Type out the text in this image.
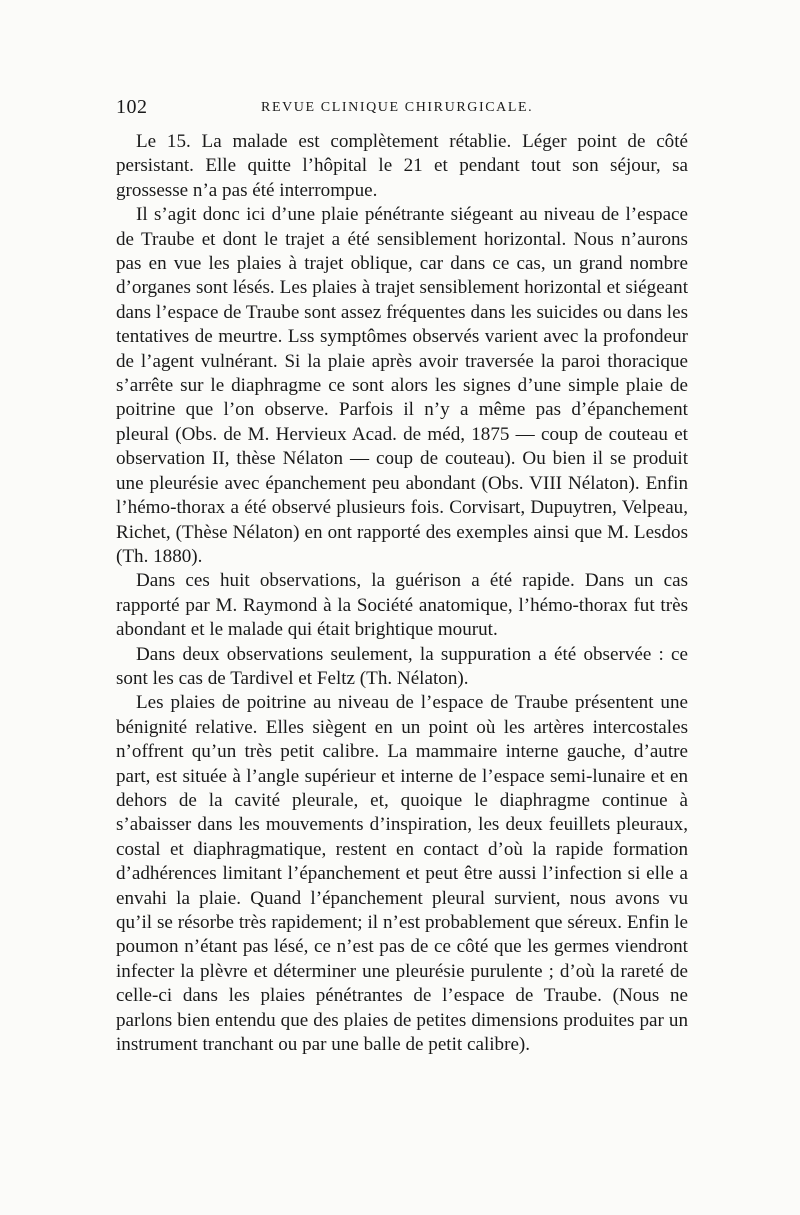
102	REVUE CLINIQUE CHIRURGICALE.

Le 15. La malade est complètement rétablie. Léger point de côté persistant. Elle quitte l’hôpital le 21 et pendant tout son séjour, sa grossesse n’a pas été interrompue.

Il s’agit donc ici d’une plaie pénétrante siégeant au niveau de l’espace de Traube et dont le trajet a été sensiblement horizontal. Nous n’aurons pas en vue les plaies à trajet oblique, car dans ce cas, un grand nombre d’organes sont lésés. Les plaies à trajet sensiblement horizontal et siégeant dans l’espace de Traube sont assez fréquentes dans les suicides ou dans les tentatives de meurtre. Lss symptômes observés varient avec la profondeur de l’agent vulnérant. Si la plaie après avoir traversée la paroi thoracique s’arrête sur le diaphragme ce sont alors les signes d’une simple plaie de poitrine que l’on observe. Parfois il n’y a même pas d’épanchement pleural (Obs. de M. Hervieux Acad. de méd, 1875 — coup de couteau et observation II, thèse Nélaton — coup de couteau). Ou bien il se produit une pleurésie avec épanchement peu abondant (Obs. VIII Nélaton). Enfin l’hémo-thorax a été observé plusieurs fois. Corvisart, Dupuytren, Velpeau, Richet, (Thèse Nélaton) en ont rapporté des exemples ainsi que M. Lesdos (Th. 1880).

Dans ces huit observations, la guérison a été rapide. Dans un cas rapporté par M. Raymond à la Société anatomique, l’hémo-thorax fut très abondant et le malade qui était brightique mourut.

Dans deux observations seulement, la suppuration a été observée : ce sont les cas de Tardivel et Feltz (Th. Nélaton).

Les plaies de poitrine au niveau de l’espace de Traube présentent une bénignité relative. Elles siègent en un point où les artères intercostales n’offrent qu’un très petit calibre. La mammaire interne gauche, d’autre part, est située à l’angle supérieur et interne de l’espace semi-lunaire et en dehors de la cavité pleurale, et, quoique le diaphragme continue à s’abaisser dans les mouvements d’inspiration, les deux feuillets pleuraux, costal et diaphragmatique, restent en contact d’où la rapide formation d’adhérences limitant l’épanchement et peut être aussi l’infection si elle a envahi la plaie. Quand l’épanchement pleural survient, nous avons vu qu’il se résorbe très rapidement; il n’est probablement que séreux. Enfin le poumon n’étant pas lésé, ce n’est pas de ce côté que les germes viendront infecter la plèvre et déterminer une pleurésie purulente ; d’où la rareté de celle-ci dans les plaies pénétrantes de l’espace de Traube. (Nous ne parlons bien entendu que des plaies de petites dimensions produites par un instrument tranchant ou par une balle de petit calibre).
